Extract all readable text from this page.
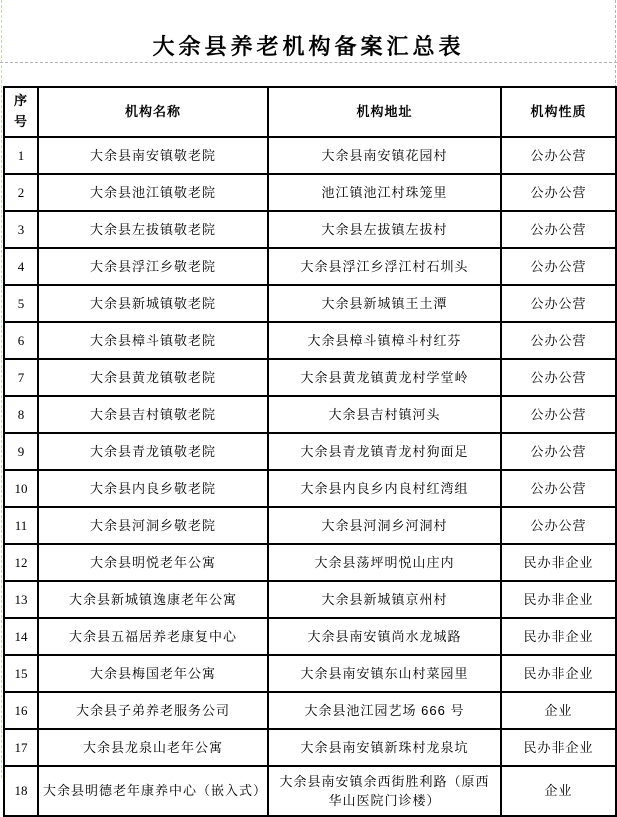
大余县养老机构备案汇总表
序号	机构名称	机构地址	机构性质
1	大余县南安镇敬老院	大余县南安镇花园村	公办公营
2	大余县池江镇敬老院	池江镇池江村珠笼里	公办公营
3	大余县左拔镇敬老院	大余县左拔镇左拔村	公办公营
4	大余县浮江乡敬老院	大余县浮江乡浮江村石圳头	公办公营
5	大余县新城镇敬老院	大余县新城镇王土潭	公办公营
6	大余县樟斗镇敬老院	大余县樟斗镇樟斗村红芬	公办公营
7	大余县黄龙镇敬老院	大余县黄龙镇黄龙村学堂岭	公办公营
8	大余县吉村镇敬老院	大余县吉村镇河头	公办公营
9	大余县青龙镇敬老院	大余县青龙镇青龙村狗面足	公办公营
10	大余县内良乡敬老院	大余县内良乡内良村红湾组	公办公营
11	大余县河洞乡敬老院	大余县河洞乡河洞村	公办公营
12	大余县明悦老年公寓	大余县荡坪明悦山庄内	民办非企业
13	大余县新城镇逸康老年公寓	大余县新城镇京州村	民办非企业
14	大余县五福居养老康复中心	大余县南安镇尚水龙城路	民办非企业
15	大余县梅国老年公寓	大余县南安镇东山村菜园里	民办非企业
16	大余县子弟养老服务公司	大余县池江园艺场 666 号	企业
17	大余县龙泉山老年公寓	大余县南安镇新珠村龙泉坑	民办非企业
18	大余县明德老年康养中心（嵌入式）	大余县南安镇余西街胜利路（原西华山医院门诊楼）	企业
